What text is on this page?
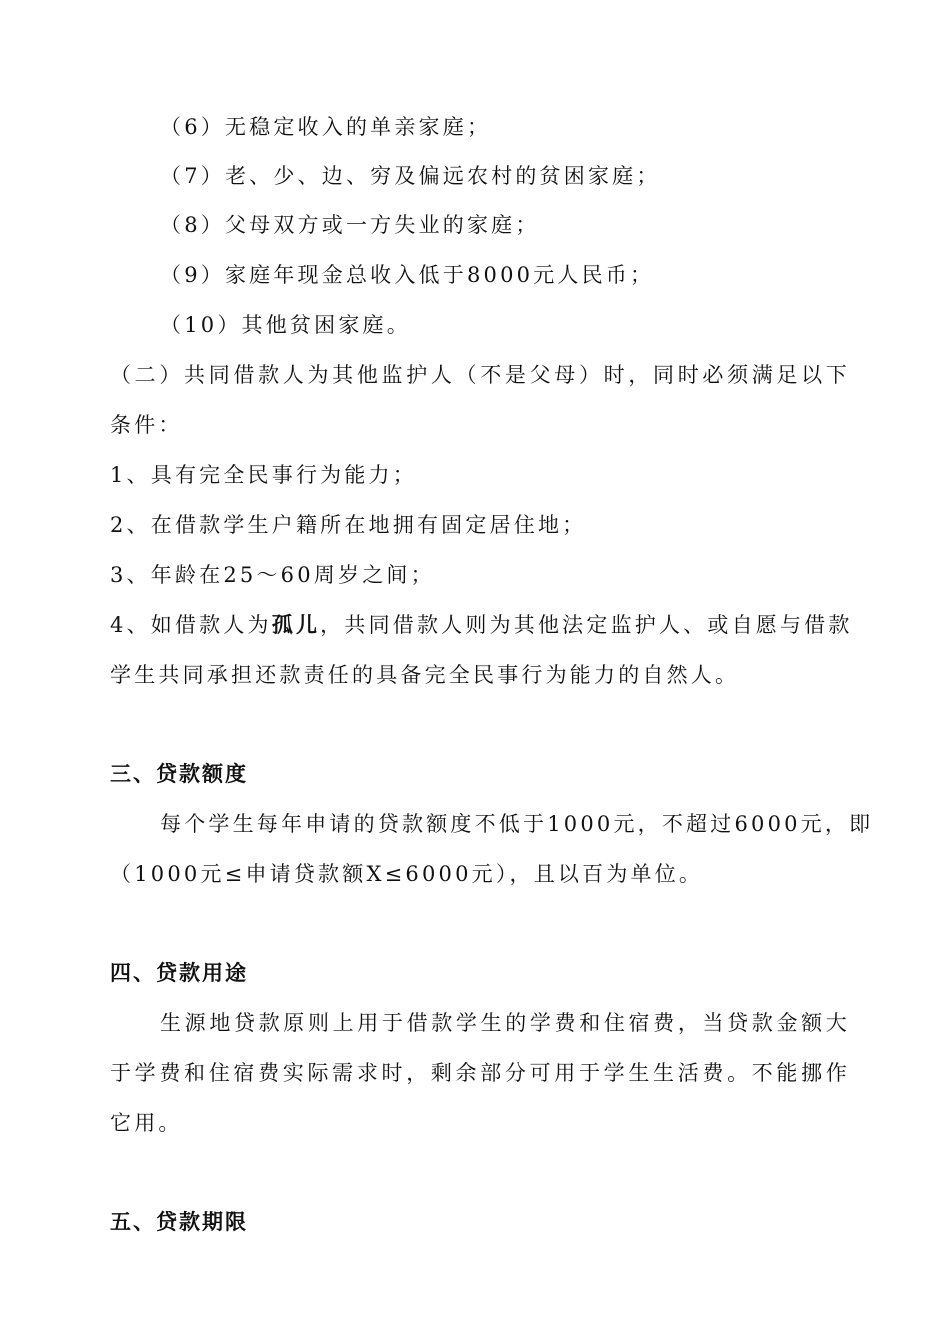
（6）无稳定收入的单亲家庭；
（7）老、少、边、穷及偏远农村的贫困家庭；
（8）父母双方或一方失业的家庭；
（9）家庭年现金总收入低于8000元人民币；
（10）其他贫困家庭。
（二）共同借款人为其他监护人（不是父母）时，同时必须满足以下
条件：
1、具有完全民事行为能力；
2、在借款学生户籍所在地拥有固定居住地；
3、年龄在25～60周岁之间；
4、如借款人为孤儿，共同借款人则为其他法定监护人、或自愿与借款
学生共同承担还款责任的具备完全民事行为能力的自然人。
三、贷款额度
每个学生每年申请的贷款额度不低于1000元，不超过6000元，即
（1000元≤申请贷款额X≤6000元），且以百为单位。
四、贷款用途
生源地贷款原则上用于借款学生的学费和住宿费，当贷款金额大
于学费和住宿费实际需求时，剩余部分可用于学生生活费。不能挪作
它用。
五、贷款期限
